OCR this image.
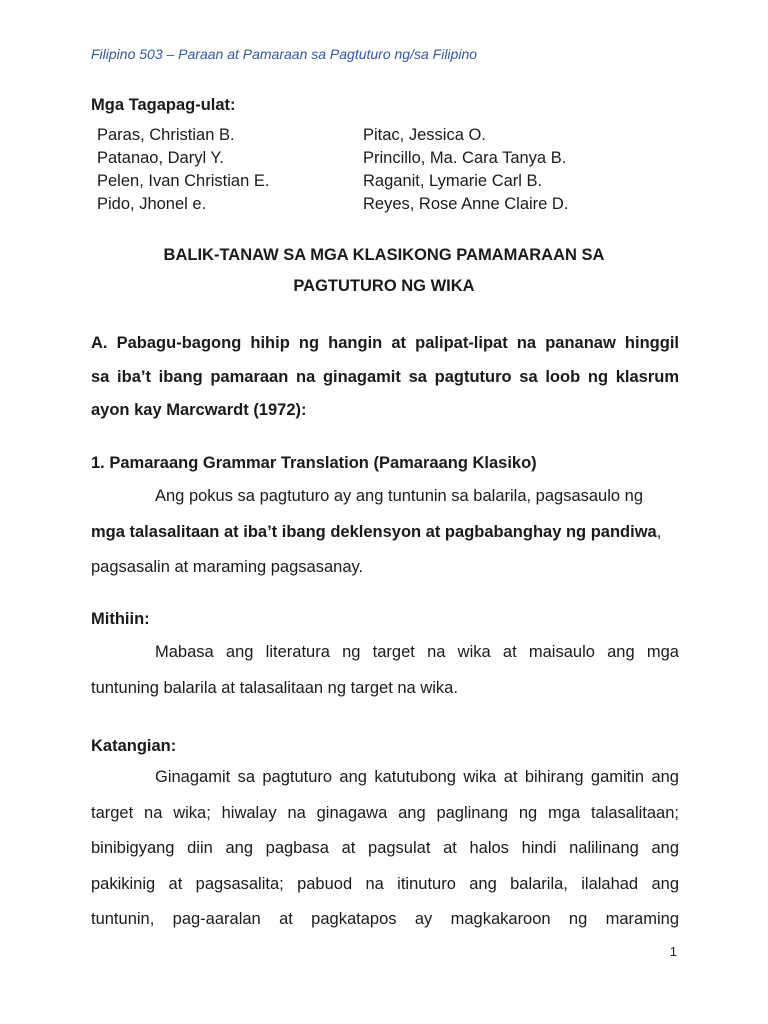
Filipino 503 – Paraan at Pamaraan sa Pagtuturo ng/sa Filipino
Mga Tagapag-ulat:
Paras, Christian B.
Patanao, Daryl Y.
Pelen, Ivan Christian E.
Pido, Jhonel e.
Pitac, Jessica O.
Princillo, Ma. Cara Tanya B.
Raganit, Lymarie Carl B.
Reyes, Rose Anne Claire D.
BALIK-TANAW SA MGA KLASIKONG PAMAMARAAN SA
PAGTUTURO NG WIKA
A. Pabagu-bagong hihip ng hangin at palipat-lipat na pananaw hinggil
sa iba’t ibang pamaraan na ginagamit sa pagtuturo sa loob ng klasrum
ayon kay Marcwardt (1972):
1. Pamaraang Grammar Translation (Pamaraang Klasiko)
Ang pokus sa pagtuturo ay ang tuntunin sa balarila, pagsasaulo ng
mga talasalitaan at iba’t ibang deklensyon at pagbabanghay ng pandiwa,
pagsasalin at maraming pagsasanay.
Mithiin:
Mabasa ang literatura ng target na wika at maisaulo ang mga
tuntuning balarila at talasalitaan ng target na wika.
Katangian:
Ginagamit sa pagtuturo ang katutubong wika at bihirang gamitin ang
target na wika; hiwalay na ginagawa ang paglinang ng mga talasalitaan;
binibigyang diin ang pagbasa at pagsulat at halos hindi nalilinang ang
pakikinig at pagsasalita; pabuod na itinuturo ang balarila, ilalahad ang
tuntunin, pag-aaralan at pagkatapos ay magkakaroon ng maraming
1
